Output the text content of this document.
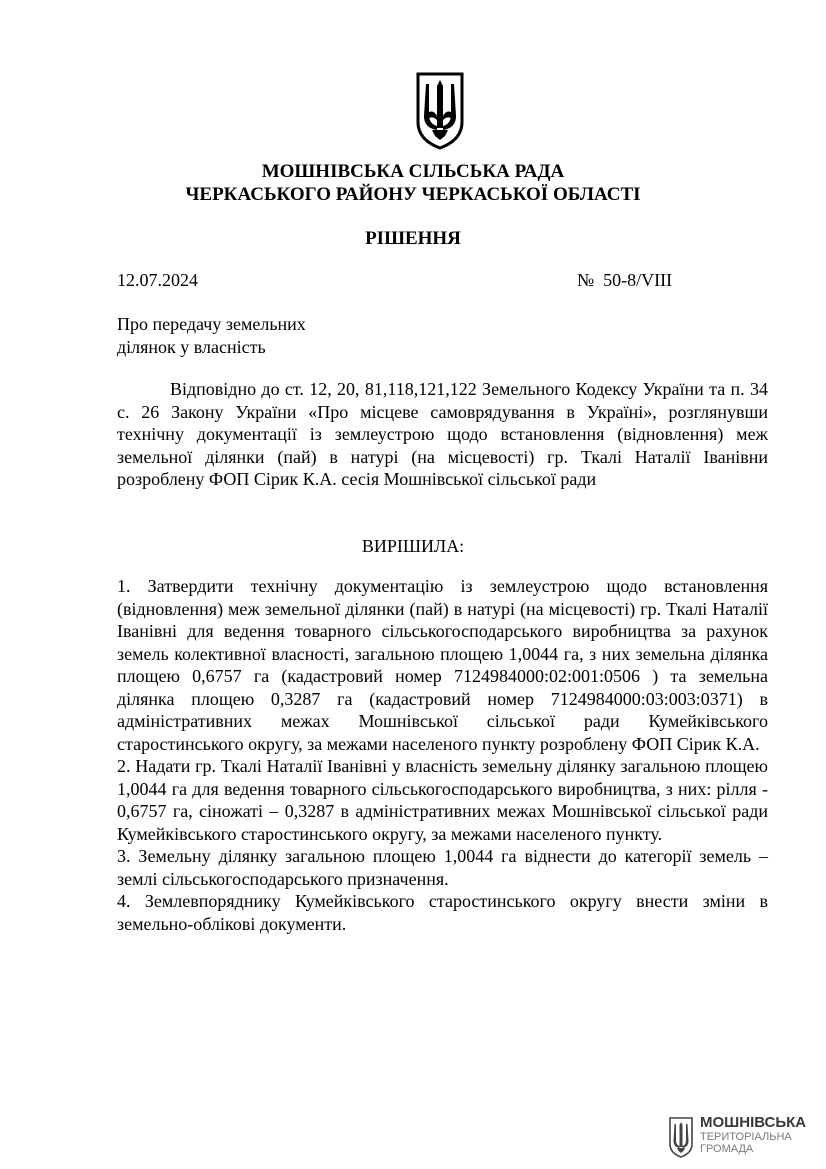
МОШНІВСЬКА СІЛЬСЬКА РАДА
ЧЕРКАСЬКОГО РАЙОНУ ЧЕРКАСЬКОЇ ОБЛАСТІ
РІШЕННЯ
12.07.2024	№  50-8/VIII
Про передачу земельних
ділянок у власність
Відповідно до ст. 12, 20, 81,118,121,122 Земельного Кодексу України та п. 34 с. 26 Закону України «Про місцеве самоврядування в Україні», розглянувши технічну документації із землеустрою щодо встановлення (відновлення) меж земельної ділянки (пай) в натурі (на місцевості) гр. Ткалі Наталії Іванівни розроблену ФОП Сірик К.А. сесія Мошнівської сільської ради
ВИРІШИЛА:

1. Затвердити технічну документацію із землеустрою щодо встановлення (відновлення) меж земельної ділянки (пай) в натурі (на місцевості) гр. Ткалі Наталії Іванівні для ведення товарного сільськогосподарського виробництва за рахунок земель колективної власності, загальною площею 1,0044 га, з них земельна ділянка площею 0,6757 га (кадастровий номер 7124984000:02:001:0506 ) та земельна ділянка площею 0,3287 га (кадастровий номер 7124984000:03:003:0371) в адміністративних межах Мошнівської сільської ради Кумейківського старостинського округу, за межами населеного пункту розроблену ФОП Сірик К.А.

2. Надати гр. Ткалі Наталії Іванівні у власність земельну ділянку загальною площею 1,0044 га для ведення товарного сільськогосподарського виробництва, з них: рілля - 0,6757 га, сіножаті – 0,3287 в адміністративних межах Мошнівської сільської ради Кумейківського старостинського округу, за межами населеного пункту.

3. Земельну ділянку загальною площею 1,0044 га віднести до категорії земель – землі сільськогосподарського призначення.

4. Землевпоряднику Кумейківського старостинського округу внести зміни в земельно-облікові документи.

МОШНІВСЬКА
ТЕРИТОРІАЛЬНА
ГРОМАДА
